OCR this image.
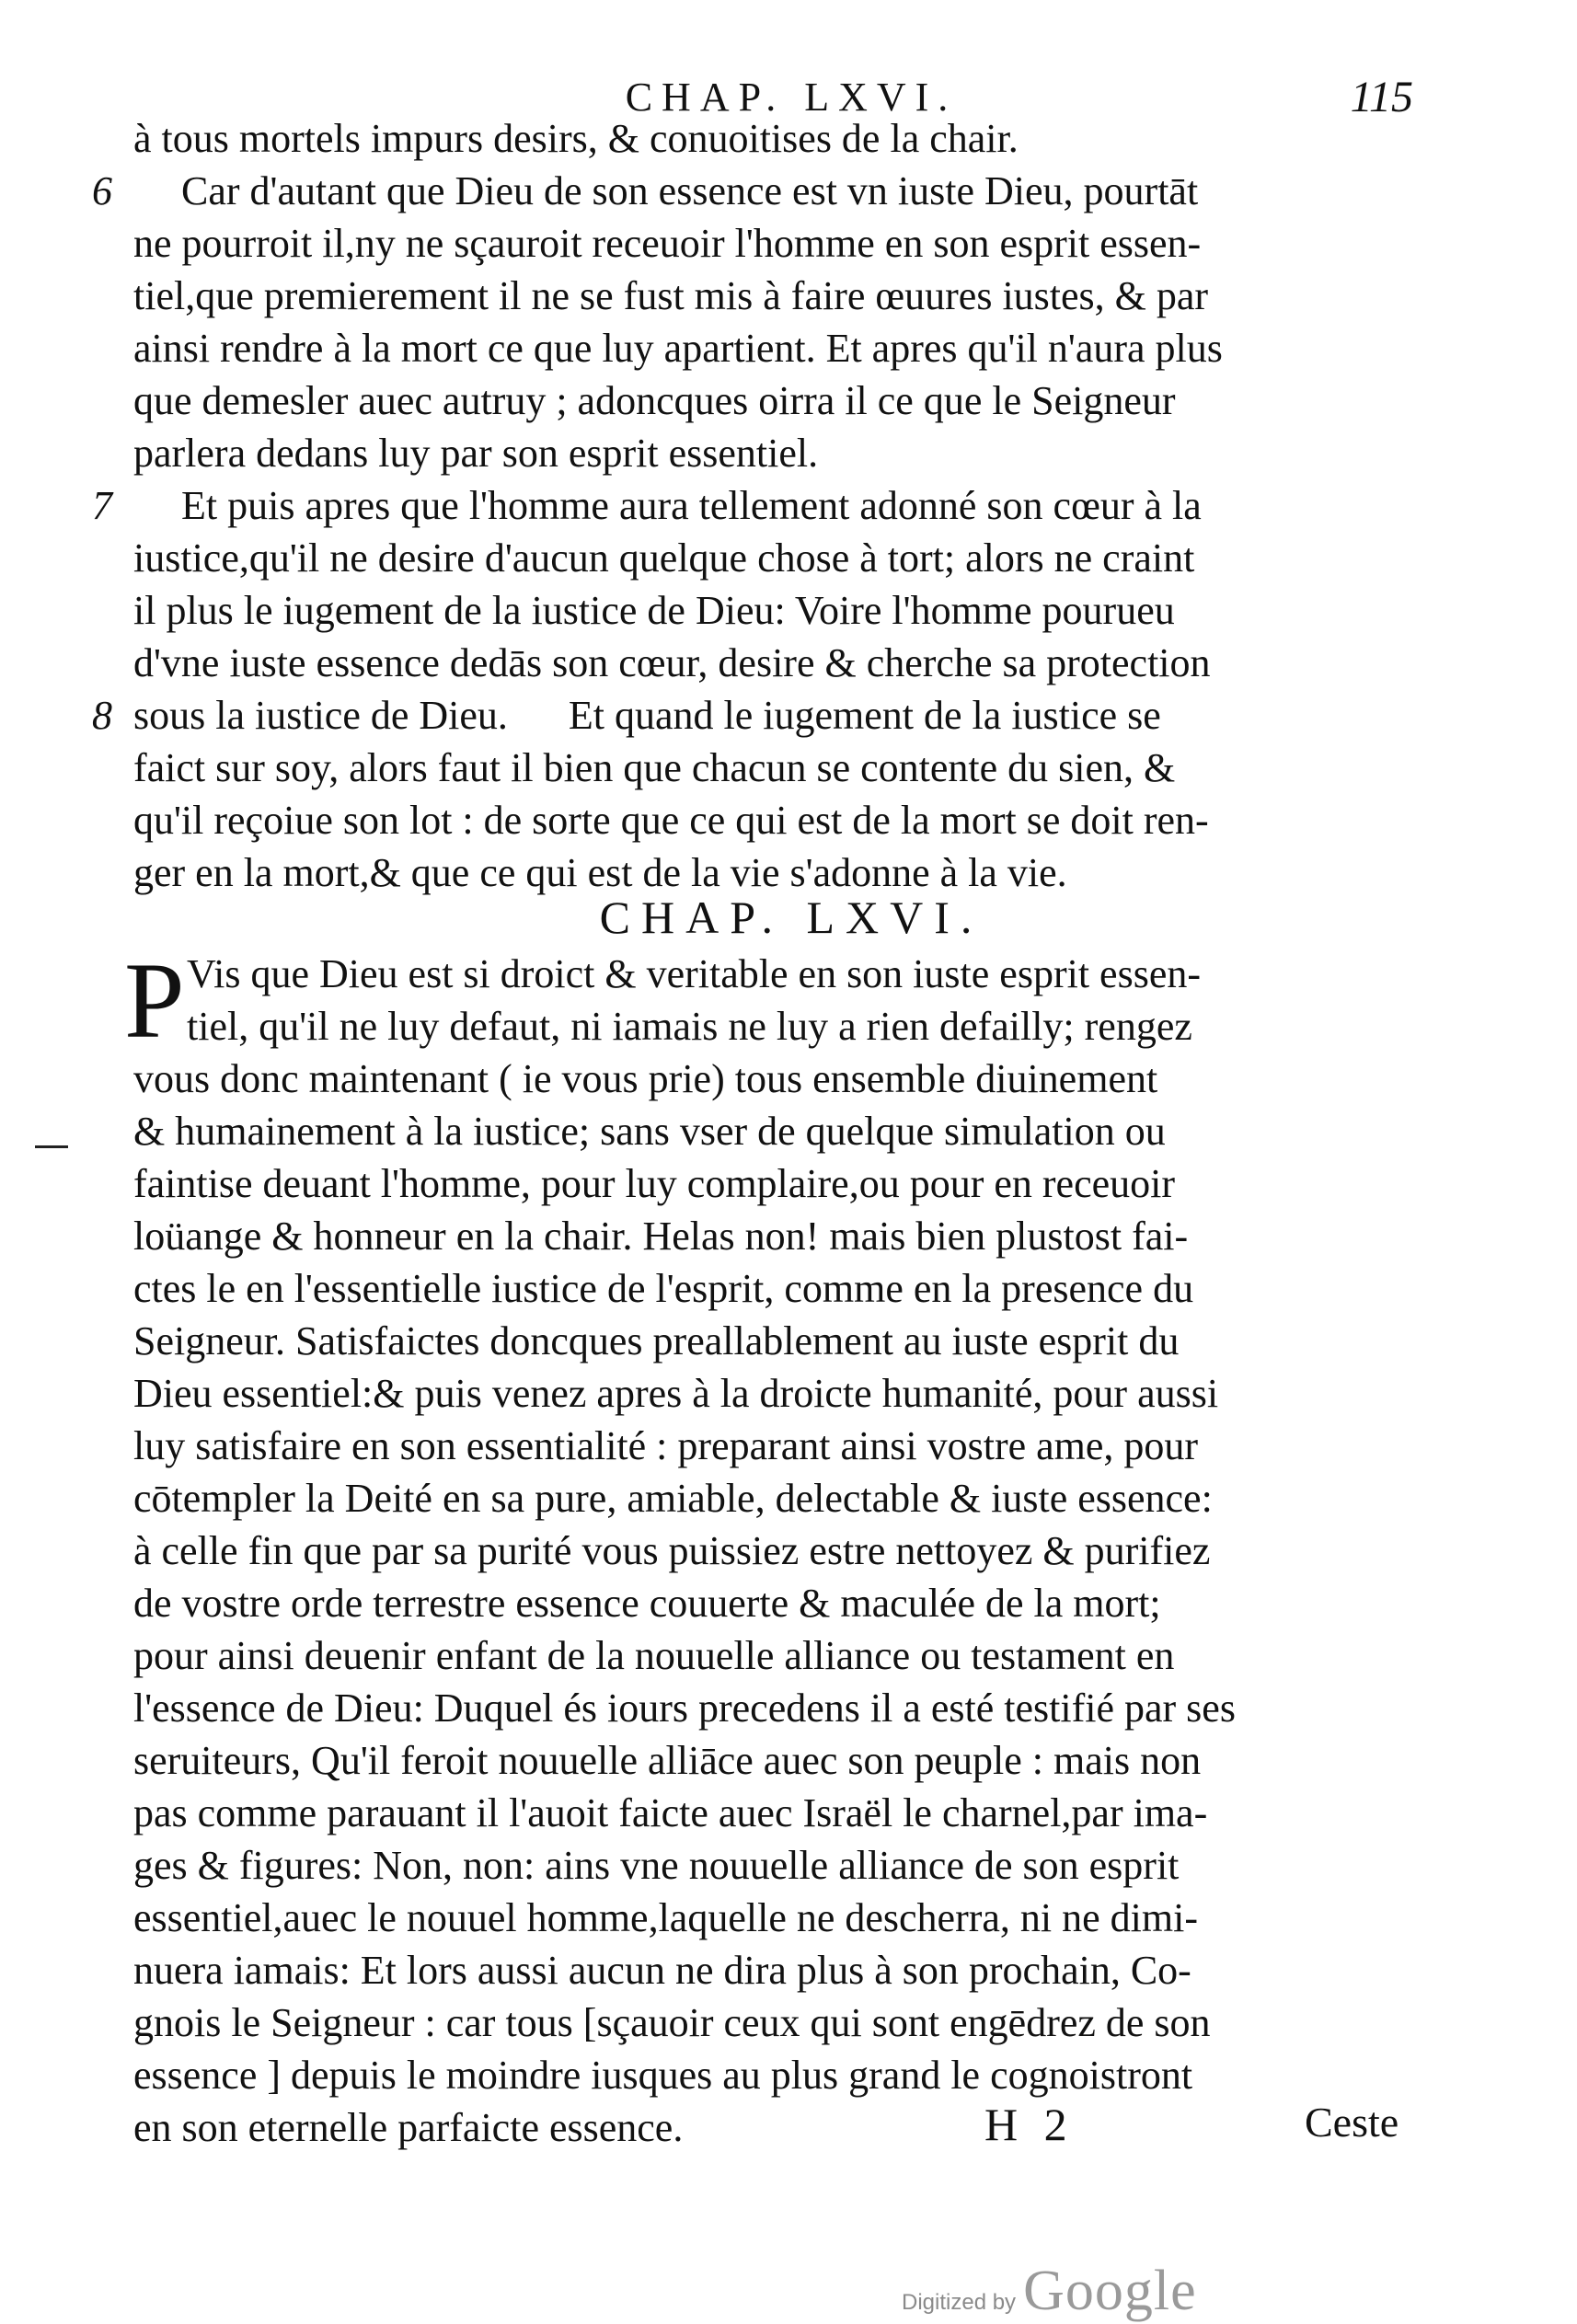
CHAP. LXVI.	115
à tous mortels impurs desirs, & conuoitises de la chair.
6	Car d'autant que Dieu de son essence est vn iuste Dieu, pourtāt
ne pourroit il,ny ne sçauroit receuoir l'homme en son esprit essen-
tiel,que premierement il ne se fust mis à faire œuures iustes, & par
ainsi rendre à la mort ce que luy apartient. Et apres qu'il n'aura plus
que demesler auec autruy ; adoncques oirra il ce que le Seigneur
parlera dedans luy par son esprit essentiel.
7	Et puis apres que l'homme aura tellement adonné son cœur à la
iustice,qu'il ne desire d'aucun quelque chose à tort; alors ne craint
il plus le iugement de la iustice de Dieu: Voire l'homme pourueu
d'vne iuste essence dedās son cœur, desire & cherche sa protection
8 sous la iustice de Dieu.      Et quand le iugement de la iustice se
faict sur soy, alors faut il bien que chacun se contente du sien, &
qu'il reçoiue son lot : de sorte que ce qui est de la mort se doit ren-
ger en la mort,& que ce qui est de la vie s'adonne à la vie.
CHAP. LXVI.
P Vis que Dieu est si droict & veritable en son iuste esprit essen-
tiel, qu'il ne luy defaut, ni iamais ne luy a rien defailly; rengez
vous donc maintenant ( ie vous prie) tous ensemble diuinement
& humainement à la iustice; sans vser de quelque simulation ou
faintise deuant l'homme, pour luy complaire,ou pour en receuoir
loüange & honneur en la chair. Helas non! mais bien plustost fai-
ctes le en l'essentielle iustice de l'esprit, comme en la presence du
Seigneur. Satisfaictes doncques preallablement au iuste esprit du
Dieu essentiel:& puis venez apres à la droicte humanité, pour aussi
luy satisfaire en son essentialité : preparant ainsi vostre ame, pour
cōtempler la Deité en sa pure, amiable, delectable & iuste essence:
à celle fin que par sa purité vous puissiez estre nettoyez & purifiez
de vostre orde terrestre essence couuerte & maculée de la mort;
pour ainsi deuenir enfant de la nouuelle alliance ou testament en
l'essence de Dieu: Duquel és iours precedens il a esté testifié par ses
seruiteurs, Qu'il feroit nouuelle alliāce auec son peuple : mais non
pas comme parauant il l'auoit faicte auec Israël le charnel,par ima-
ges & figures: Non, non: ains vne nouuelle alliance de son esprit
essentiel,auec le nouuel homme,laquelle ne descherra, ni ne dimi-
nuera iamais: Et lors aussi aucun ne dira plus à son prochain, Co-
gnois le Seigneur : car tous [sçauoir ceux qui sont engēdrez de son
essence ] depuis le moindre iusques au plus grand le cognoistront
en son eternelle parfaicte essence.	H 2	Ceste
Digitized by Google
